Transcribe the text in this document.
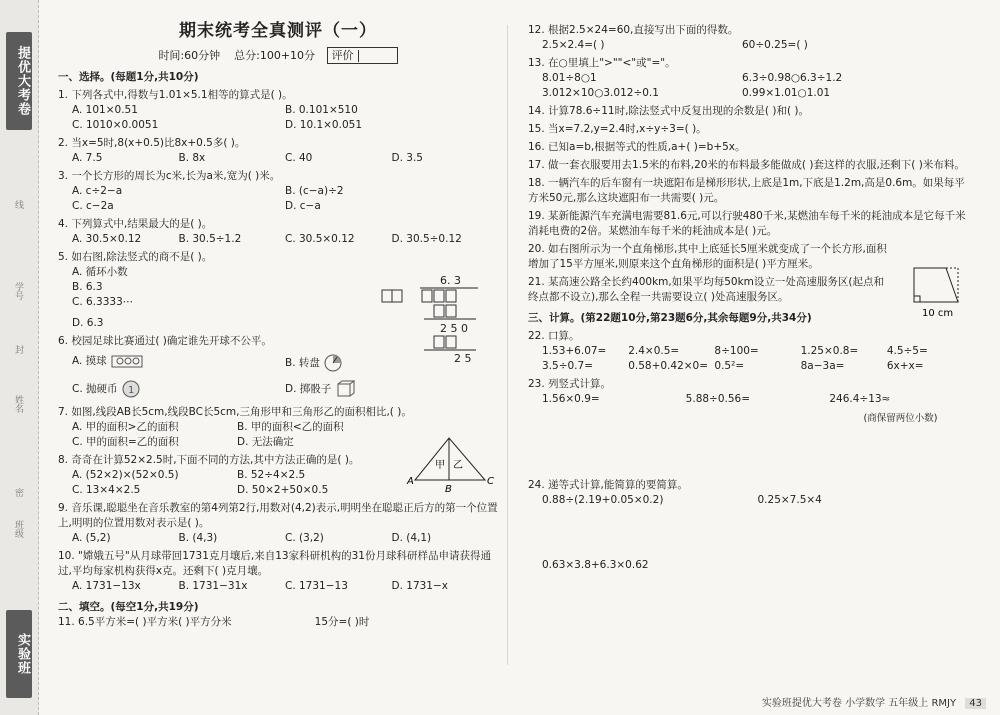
提优大考卷
线
学号
封
姓名
密
班级
实验班
期末统考全真测评（一）
时间:60分钟 总分:100+10分 评价
一、选择。(每题1分,共10分)
1. 下列各式中,得数与1.01×5.1相等的算式是( )。
A. 101×0.51	B. 0.101×510
C. 1010×0.0051	D. 10.1×0.051
2. 当x=5时,8(x+0.5)比8x+0.5多( )。
A. 7.5	B. 8x	C. 40	D. 3.5
3. 一个长方形的周长为c米,长为a米,宽为( )米。
A. c÷2−a	B. (c−a)÷2
C. c−2a	D. c−a
4. 下列算式中,结果最大的是( )。
A. 30.5×0.12	B. 30.5÷1.2	C. 30.5×0.12	D. 30.5÷0.12
5. 如右图,除法竖式的商不是( )。
A. 循环小数
B. 6.3
C. 6.3333⋯
D. 6.3
6. 校园足球比赛通过( )确定谁先开球不公平。
A. 摸球	B. 转盘
C. 抛硬币 1	D. 掷骰子
7. 如图,线段AB长5cm,线段BC长5cm,三角形甲和三角形乙的面积相比,( )。
A. 甲的面积>乙的面积	B. 甲的面积<乙的面积
C. 甲的面积=乙的面积	D. 无法确定
8. 奇奇在计算52×2.5时,下面不同的方法,其中方法正确的是( )。
A. (52×2)×(52×0.5)	B. 52÷4×2.5
C. 13×4×2.5	D. 50×2+50×0.5
9. 音乐课,聪聪坐在音乐教室的第4列第2行,用数对(4,2)表示,明明坐在聪聪正后方的第一个位置上,明明的位置用数对表示是( )。
A. (5,2)	B. (4,3)	C. (3,2)	D. (4,1)
10. "嫦娥五号"从月球带回1731克月壤后,来自13家科研机构的31份月球科研样品申请获得通过,平均每家机构获得x克。还剩下( )克月壤。
A. 1731−13x	B. 1731−31x	C. 1731−13	D. 1731−x
二、填空。(每空1分,共19分)
11. 6.5平方米=( )平方米( )平方分米	15分=( )时
6. 3
2 5 0
2 5
A
B
C
甲 乙
12. 根据2.5×24=60,直接写出下面的得数。
2.5×2.4=( )	60÷0.25=( )
13. 在○里填上">""<"或"="。
8.01÷8○1	6.3÷0.98○6.3÷1.2
3.012×10○3.012÷0.1	0.99×1.01○1.01
14. 计算78.6÷11时,除法竖式中反复出现的余数是( )和( )。
15. 当x=7.2,y=2.4时,x÷y÷3=( )。
16. 已知a=b,根据等式的性质,a+( )=b+5x。
17. 做一套衣服要用去1.5米的布料,20米的布料最多能做成( )套这样的衣服,还剩下( )米布料。
18. 一辆汽车的后车窗有一块遮阳布是梯形形状,上底是1m,下底是1.2m,高是0.6m。如果每平方米50元,那么这块遮阳布一共需要( )元。
19. 某新能源汽车充满电需要81.6元,可以行驶480千米,某燃油车每千米的耗油成本是它每千米消耗电费的2倍。某燃油车每千米的耗油成本是( )元。
20. 如右图所示为一个直角梯形,其中上底延长5厘米就变成了一个长方形,面积增加了15平方厘米,则原来这个直角梯形的面积是( )平方厘米。
21. 某高速公路全长约400km,如果平均每50km设立一处高速服务区(起点和终点都不设立),那么全程一共需要设立( )处高速服务区。
三、计算。(第22题10分,第23题6分,其余每题9分,共34分)
22. 口算。
1.53+6.07=	2.4×0.5=	8÷100=	1.25×0.8=	4.5÷5=
3.5÷0.7=	0.58+0.42×0= 0.5²=	8a−3a=	6x+x=
23. 列竖式计算。
1.56×0.9=	5.88÷0.56=	246.4÷13≈
(商保留两位小数)
24. 递等式计算,能简算的要简算。
0.88÷(2.19+0.05×0.2)	0.25×7.5×4
0.63×3.8+6.3×0.62
10 cm
实验班提优大考卷 小学数学 五年级上 RMJY 43
